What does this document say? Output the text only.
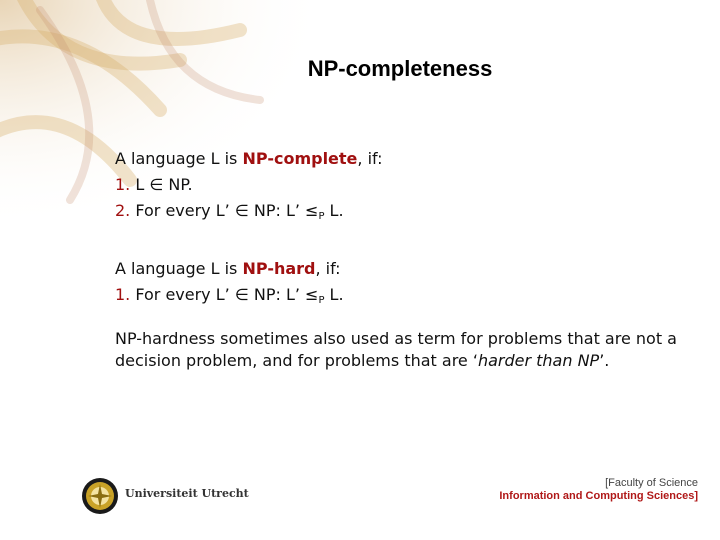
NP-completeness
A language L is NP-complete, if:
1. L ∈ NP.
2. For every L’ ∈ NP: L’ $\le_P$ L.
A language L is NP-hard, if:
1. For every L’ ∈ NP: L’ $\le_P$ L.
NP-hardness sometimes also used as term for problems that are not a decision problem, and for problems that are ‘harder than NP’.
Universiteit Utrecht
[Faculty of Science
Information and Computing Sciences]
